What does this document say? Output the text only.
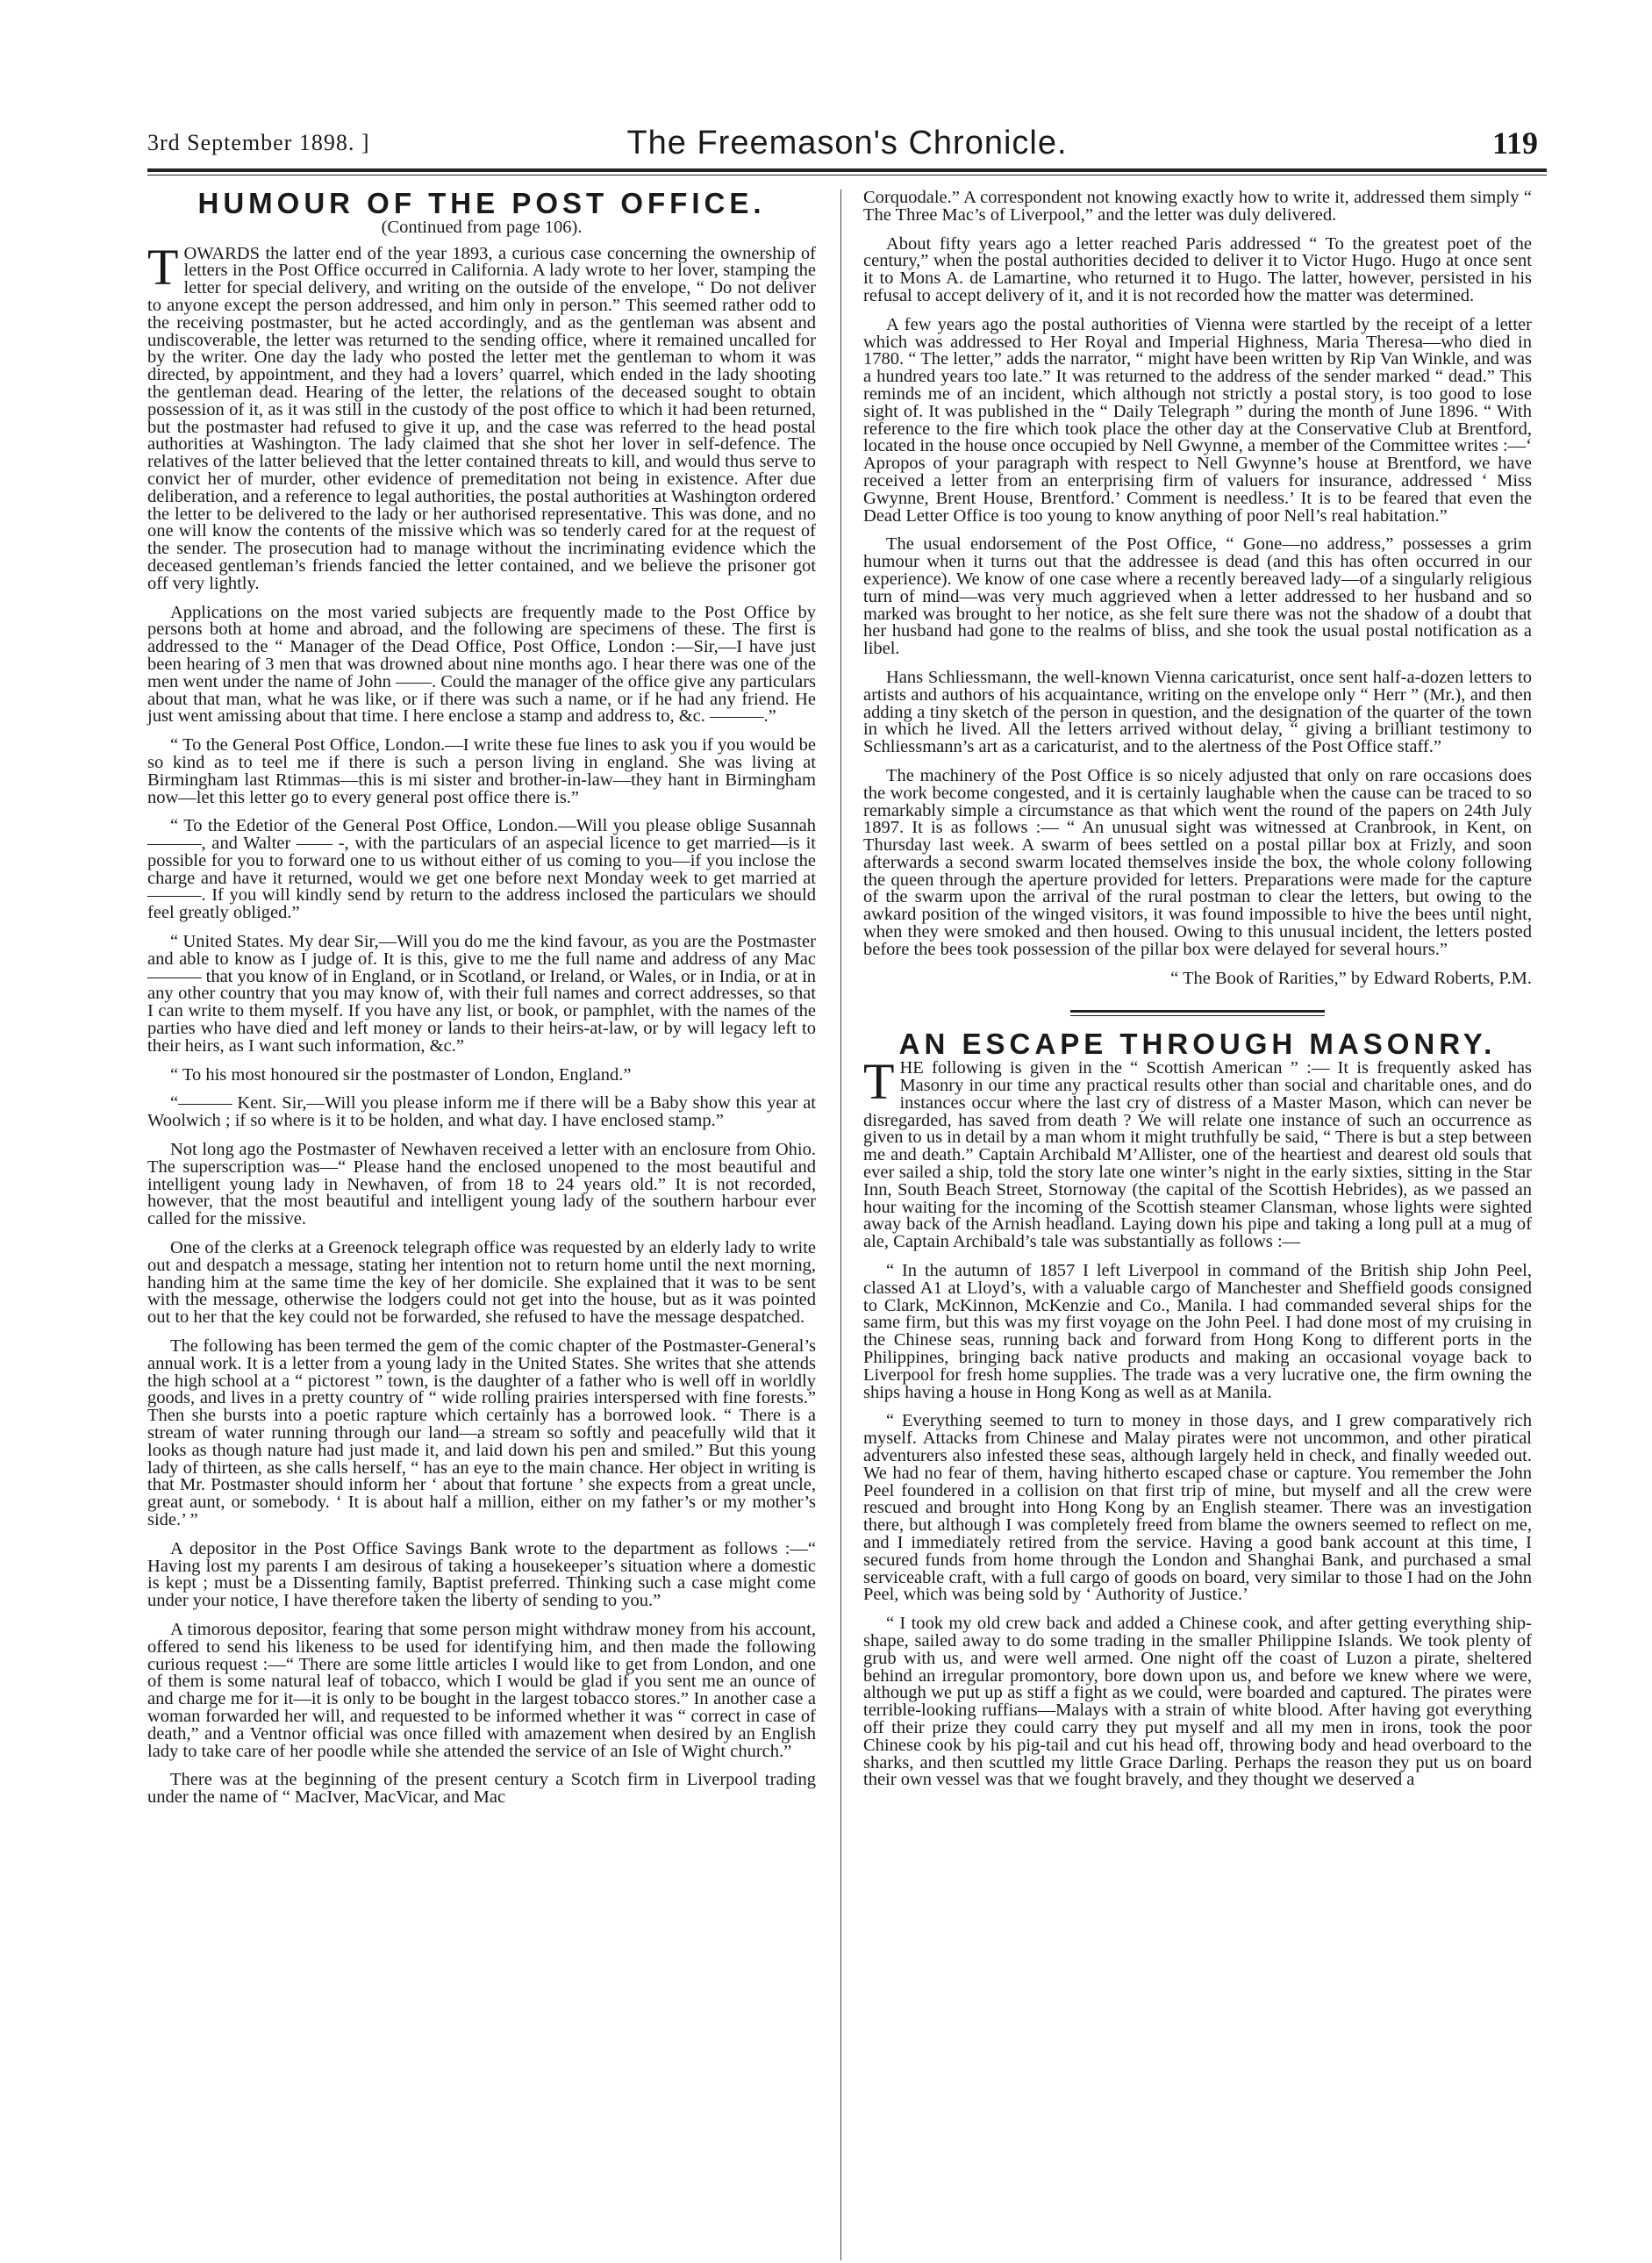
3rd September 1898. ]	The Freemason's Chronicle.	119
HUMOUR OF THE POST OFFICE.
(Continued from page 106).

TOWARDS the latter end of the year 1893, a curious case concerning the ownership of letters in the Post Office occurred in California. A lady wrote to her lover, stamping the letter for special delivery, and writing on the outside of the envelope, “ Do not deliver to anyone except the person addressed, and him only in person.” This seemed rather odd to the receiving postmaster, but he acted accordingly, and as the gentleman was absent and undiscoverable, the letter was returned to the sending office, where it remained uncalled for by the writer. One day the lady who posted the letter met the gentleman to whom it was directed, by appointment, and they had a lovers’ quarrel, which ended in the lady shooting the gentleman dead. Hearing of the letter, the relations of the deceased sought to obtain possession of it, as it was still in the custody of the post office to which it had been returned, but the postmaster had refused to give it up, and the case was referred to the head postal authorities at Washington. The lady claimed that she shot her lover in self-defence. The relatives of the latter believed that the letter contained threats to kill, and would thus serve to convict her of murder, other evidence of premeditation not being in existence. After due deliberation, and a reference to legal authorities, the postal authorities at Washington ordered the letter to be delivered to the lady or her authorised representative. This was done, and no one will know the contents of the missive which was so tenderly cared for at the request of the sender. The prosecution had to manage without the incriminating evidence which the deceased gentleman’s friends fancied the letter contained, and we believe the prisoner got off very lightly.

Applications on the most varied subjects are frequently made to the Post Office by persons both at home and abroad, and the following are specimens of these. The first is addressed to the “ Manager of the Dead Office, Post Office, London :—Sir,—I have just been hearing of 3 men that was drowned about nine months ago. I hear there was one of the men went under the name of John ——. Could the manager of the office give any particulars about that man, what he was like, or if there was such a name, or if he had any friend. He just went amissing about that time. I here enclose a stamp and address to, &c. ———.”

“ To the General Post Office, London.—I write these fue lines to ask you if you would be so kind as to teel me if there is such a person living in england. She was living at Birmingham last Rtimmas—this is mi sister and brother-in-law—they hant in Birmingham now—let this letter go to every general post office there is.”

“ To the Edetior of the General Post Office, London.—Will you please oblige Susannah ———, and Walter —— -, with the particulars of an aspecial licence to get married—is it possible for you to forward one to us without either of us coming to you—if you inclose the charge and have it returned, would we get one before next Monday week to get married at ———. If you will kindly send by return to the address inclosed the particulars we should feel greatly obliged.”

“ United States. My dear Sir,—Will you do me the kind favour, as you are the Postmaster and able to know as I judge of. It is this, give to me the full name and address of any Mac——— that you know of in England, or in Scotland, or Ireland, or Wales, or in India, or at in any other country that you may know of, with their full names and correct addresses, so that I can write to them myself. If you have any list, or book, or pamphlet, with the names of the parties who have died and left money or lands to their heirs-at-law, or by will legacy left to their heirs, as I want such information, &c.”

“ To his most honoured sir the postmaster of London, England.”

“——— Kent. Sir,—Will you please inform me if there will be a Baby show this year at Woolwich ; if so where is it to be holden, and what day. I have enclosed stamp.”

Not long ago the Postmaster of Newhaven received a letter with an enclosure from Ohio. The superscription was—“ Please hand the enclosed unopened to the most beautiful and intelligent young lady in Newhaven, of from 18 to 24 years old.” It is not recorded, however, that the most beautiful and intelligent young lady of the southern harbour ever called for the missive.

One of the clerks at a Greenock telegraph office was requested by an elderly lady to write out and despatch a message, stating her intention not to return home until the next morning, handing him at the same time the key of her domicile. She explained that it was to be sent with the message, otherwise the lodgers could not get into the house, but as it was pointed out to her that the key could not be forwarded, she refused to have the message despatched.

The following has been termed the gem of the comic chapter of the Postmaster-General’s annual work. It is a letter from a young lady in the United States. She writes that she attends the high school at a “ pictorest ” town, is the daughter of a father who is well off in worldly goods, and lives in a pretty country of “ wide rolling prairies interspersed with fine forests.” Then she bursts into a poetic rapture which certainly has a borrowed look. “ There is a stream of water running through our land—a stream so softly and peacefully wild that it looks as though nature had just made it, and laid down his pen and smiled.” But this young lady of thirteen, as she calls herself, “ has an eye to the main chance. Her object in writing is that Mr. Postmaster should inform her ‘ about that fortune ’ she expects from a great uncle, great aunt, or somebody. ‘ It is about half a million, either on my father’s or my mother’s side.’ ”

A depositor in the Post Office Savings Bank wrote to the department as follows :—“ Having lost my parents I am desirous of taking a housekeeper’s situation where a domestic is kept ; must be a Dissenting family, Baptist preferred. Thinking such a case might come under your notice, I have therefore taken the liberty of sending to you.”

A timorous depositor, fearing that some person might withdraw money from his account, offered to send his likeness to be used for identifying him, and then made the following curious request :—“ There are some little articles I would like to get from London, and one of them is some natural leaf of tobacco, which I would be glad if you sent me an ounce of and charge me for it—it is only to be bought in the largest tobacco stores.” In another case a woman forwarded her will, and requested to be informed whether it was “ correct in case of death,” and a Ventnor official was once filled with amazement when desired by an English lady to take care of her poodle while she attended the service of an Isle of Wight church.”

There was at the beginning of the present century a Scotch firm in Liverpool trading under the name of “ MacIver, MacVicar, and Mac

Corquodale.” A correspondent not knowing exactly how to write it, addressed them simply “ The Three Mac’s of Liverpool,” and the letter was duly delivered.

About fifty years ago a letter reached Paris addressed “ To the greatest poet of the century,” when the postal authorities decided to deliver it to Victor Hugo. Hugo at once sent it to Mons A. de Lamartine, who returned it to Hugo. The latter, however, persisted in his refusal to accept delivery of it, and it is not recorded how the matter was determined.

A few years ago the postal authorities of Vienna were startled by the receipt of a letter which was addressed to Her Royal and Imperial Highness, Maria Theresa—who died in 1780. “ The letter,” adds the narrator, “ might have been written by Rip Van Winkle, and was a hundred years too late.” It was returned to the address of the sender marked “ dead.” This reminds me of an incident, which although not strictly a postal story, is too good to lose sight of. It was published in the “ Daily Telegraph ” during the month of June 1896. “ With reference to the fire which took place the other day at the Conservative Club at Brentford, located in the house once occupied by Nell Gwynne, a member of the Committee writes :—‘ Apropos of your paragraph with respect to Nell Gwynne’s house at Brentford, we have received a letter from an enterprising firm of valuers for insurance, addressed ‘ Miss Gwynne, Brent House, Brentford.’ Comment is needless.’ It is to be feared that even the Dead Letter Office is too young to know anything of poor Nell’s real habitation.”

The usual endorsement of the Post Office, “ Gone—no address,” possesses a grim humour when it turns out that the addressee is dead (and this has often occurred in our experience). We know of one case where a recently bereaved lady—of a singularly religious turn of mind—was very much aggrieved when a letter addressed to her husband and so marked was brought to her notice, as she felt sure there was not the shadow of a doubt that her husband had gone to the realms of bliss, and she took the usual postal notification as a libel.

Hans Schliessmann, the well-known Vienna caricaturist, once sent half-a-dozen letters to artists and authors of his acquaintance, writing on the envelope only “ Herr ” (Mr.), and then adding a tiny sketch of the person in question, and the designation of the quarter of the town in which he lived. All the letters arrived without delay, “ giving a brilliant testimony to Schliessmann’s art as a caricaturist, and to the alertness of the Post Office staff.”

The machinery of the Post Office is so nicely adjusted that only on rare occasions does the work become congested, and it is certainly laughable when the cause can be traced to so remarkably simple a circumstance as that which went the round of the papers on 24th July 1897. It is as follows :— “ An unusual sight was witnessed at Cranbrook, in Kent, on Thursday last week. A swarm of bees settled on a postal pillar box at Frizly, and soon afterwards a second swarm located themselves inside the box, the whole colony following the queen through the aperture provided for letters. Preparations were made for the capture of the swarm upon the arrival of the rural postman to clear the letters, but owing to the awkard position of the winged visitors, it was found impossible to hive the bees until night, when they were smoked and then housed. Owing to this unusual incident, the letters posted before the bees took possession of the pillar box were delayed for several hours.”

“ The Book of Rarities,” by Edward Roberts, P.M.

AN ESCAPE THROUGH MASONRY.

THE following is given in the “ Scottish American ” :— It is frequently asked has Masonry in our time any practical results other than social and charitable ones, and do instances occur where the last cry of distress of a Master Mason, which can never be disregarded, has saved from death ? We will relate one instance of such an occurrence as given to us in detail by a man whom it might truthfully be said, “ There is but a step between me and death.” Captain Archibald M’Allister, one of the heartiest and dearest old souls that ever sailed a ship, told the story late one winter’s night in the early sixties, sitting in the Star Inn, South Beach Street, Stornoway (the capital of the Scottish Hebrides), as we passed an hour waiting for the incoming of the Scottish steamer Clansman, whose lights were sighted away back of the Arnish headland. Laying down his pipe and taking a long pull at a mug of ale, Captain Archibald’s tale was substantially as follows :—

“ In the autumn of 1857 I left Liverpool in command of the British ship John Peel, classed A1 at Lloyd’s, with a valuable cargo of Manchester and Sheffield goods consigned to Clark, McKinnon, McKenzie and Co., Manila. I had commanded several ships for the same firm, but this was my first voyage on the John Peel. I had done most of my cruising in the Chinese seas, running back and forward from Hong Kong to different ports in the Philippines, bringing back native products and making an occasional voyage back to Liverpool for fresh home supplies. The trade was a very lucrative one, the firm owning the ships having a house in Hong Kong as well as at Manila.

“ Everything seemed to turn to money in those days, and I grew comparatively rich myself. Attacks from Chinese and Malay pirates were not uncommon, and other piratical adventurers also infested these seas, although largely held in check, and finally weeded out. We had no fear of them, having hitherto escaped chase or capture. You remember the John Peel foundered in a collision on that first trip of mine, but myself and all the crew were rescued and brought into Hong Kong by an English steamer. There was an investigation there, but although I was completely freed from blame the owners seemed to reflect on me, and I immediately retired from the service. Having a good bank account at this time, I secured funds from home through the London and Shanghai Bank, and purchased a smal serviceable craft, with a full cargo of goods on board, very similar to those I had on the John Peel, which was being sold by ‘ Authority of Justice.’

“ I took my old crew back and added a Chinese cook, and after getting everything ship-shape, sailed away to do some trading in the smaller Philippine Islands. We took plenty of grub with us, and were well armed. One night off the coast of Luzon a pirate, sheltered behind an irregular promontory, bore down upon us, and before we knew where we were, although we put up as stiff a fight as we could, were boarded and captured. The pirates were terrible-looking ruffians—Malays with a strain of white blood. After having got everything off their prize they could carry they put myself and all my men in irons, took the poor Chinese cook by his pig-tail and cut his head off, throwing body and head overboard to the sharks, and then scuttled my little Grace Darling. Perhaps the reason they put us on board their own vessel was that we fought bravely, and they thought we deserved a
